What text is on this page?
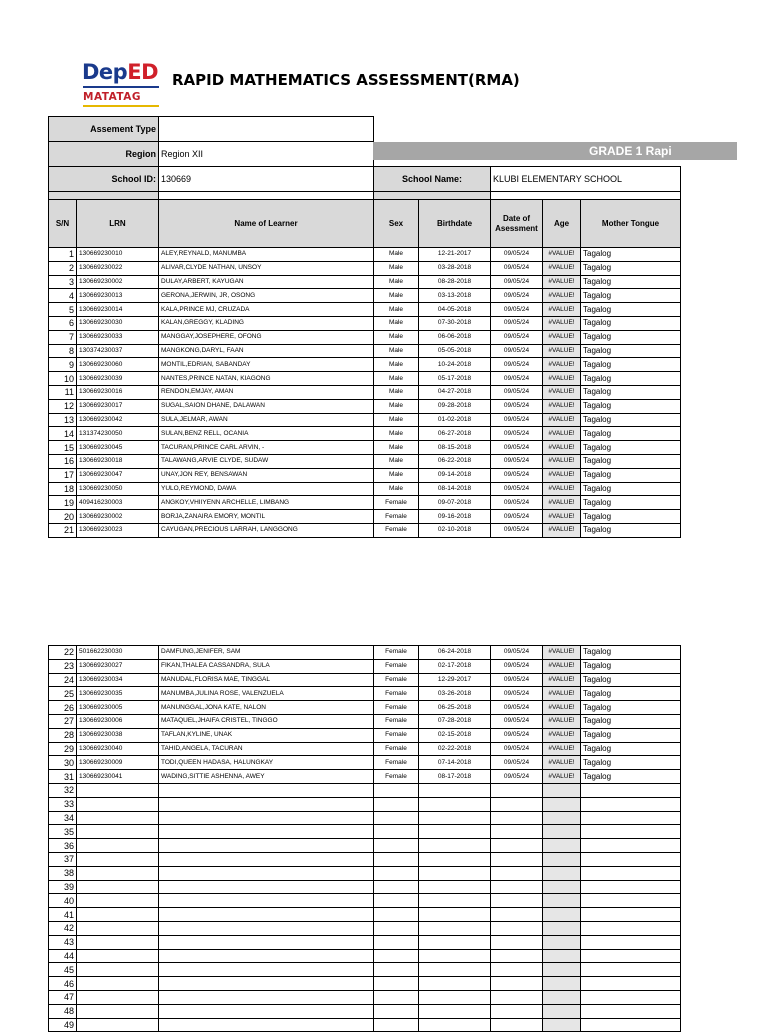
DepED
MATATAG
RAPID MATHEMATICS ASSESSMENT(RMA)
Assement Type			
Region	Region XII		
School ID:	130669	School Name:	KLUBI ELEMENTARY SCHOOL

GRADE 1 Rapi
S/N	LRN	Name of Learner	Sex	Birthdate	Date of Asessment	Age	Mother Tongue
1	130669230010	ALEY,REYNALD, MANUMBA	Male	12-21-2017	09/05/24	#VALUE!	Tagalog
2	130669230022	ALIVAR,CLYDE NATHAN, UNSOY	Male	03-28-2018	09/05/24	#VALUE!	Tagalog
3	130669230002	DULAY,ARBERT, KAYUGAN	Male	08-28-2018	09/05/24	#VALUE!	Tagalog
4	130669230013	GERONA,JERWIN, JR, OSONG	Male	03-13-2018	09/05/24	#VALUE!	Tagalog
5	130669230014	KALA,PRINCE MJ, CRUZADA	Male	04-05-2018	09/05/24	#VALUE!	Tagalog
6	130669230030	KALAN,GREGGY, KLADING	Male	07-30-2018	09/05/24	#VALUE!	Tagalog
7	130669230033	MANGGAY,JOSEPHERE, OFONG	Male	06-06-2018	09/05/24	#VALUE!	Tagalog
8	130374230037	MANGKONG,DARYL, FAAN	Male	05-05-2018	09/05/24	#VALUE!	Tagalog
9	130669230060	MONTIL,EDRIAN, SABANDAY	Male	10-24-2018	09/05/24	#VALUE!	Tagalog
10	130669230039	NANTES,PRINCE NATAN, KIAGONG	Male	05-17-2018	09/05/24	#VALUE!	Tagalog
11	130669230016	RENDON,EMJAY, AMAN	Male	04-27-2018	09/05/24	#VALUE!	Tagalog
12	130669230017	SUGAL,SAION DHANE, DALAWAN	Male	09-28-2018	09/05/24	#VALUE!	Tagalog
13	130669230042	SULA,JELMAR, AWAN	Male	01-02-2018	09/05/24	#VALUE!	Tagalog
14	131374230050	SULAN,BENZ RELL, OCANIA	Male	06-27-2018	09/05/24	#VALUE!	Tagalog
15	130669230045	TACURAN,PRINCE CARL ARVIN, -	Male	08-15-2018	09/05/24	#VALUE!	Tagalog
16	130669230018	TALAWANG,ARVIE CLYDE, SUDAW	Male	06-22-2018	09/05/24	#VALUE!	Tagalog
17	130669230047	UNAY,JON REY, BENSAWAN	Male	09-14-2018	09/05/24	#VALUE!	Tagalog
18	130669230050	YULO,REYMOND, DAWA	Male	08-14-2018	09/05/24	#VALUE!	Tagalog
19	409416230003	ANGKOY,VHIIYENN ARCHELLE, LIMBANG	Female	09-07-2018	09/05/24	#VALUE!	Tagalog
20	130669230002	BORJA,ZANAIRA EMORY, MONTIL	Female	09-16-2018	09/05/24	#VALUE!	Tagalog
21	130669230023	CAYUGAN,PRECIOUS LARRAH, LANGGONG	Female	02-10-2018	09/05/24	#VALUE!	Tagalog
22	501662230030	DAMFUNG,JENIFER, SAM	Female	06-24-2018	09/05/24	#VALUE!	Tagalog
23	130669230027	FIKAN,THALEA CASSANDRA, SULA	Female	02-17-2018	09/05/24	#VALUE!	Tagalog
24	130669230034	MANUDAL,FLORISA MAE, TINGGAL	Female	12-29-2017	09/05/24	#VALUE!	Tagalog
25	130669230035	MANUMBA,JULINA ROSE, VALENZUELA	Female	03-26-2018	09/05/24	#VALUE!	Tagalog
26	130669230005	MANUNGGAL,JONA KATE, NALON	Female	06-25-2018	09/05/24	#VALUE!	Tagalog
27	130669230006	MATAQUEL,JHAIFA CRISTEL, TINGGO	Female	07-28-2018	09/05/24	#VALUE!	Tagalog
28	130669230038	TAFLAN,KYLINE, UNAK	Female	02-15-2018	09/05/24	#VALUE!	Tagalog
29	130669230040	TAHID,ANGELA, TACURAN	Female	02-22-2018	09/05/24	#VALUE!	Tagalog
30	130669230009	TODI,QUEEN HADASA, HALUNGKAY	Female	07-14-2018	09/05/24	#VALUE!	Tagalog
31	130669230041	WADING,SITTIE ASHENNA, AWEY	Female	08-17-2018	09/05/24	#VALUE!	Tagalog
32							
33							
34							
35							
36							
37							
38							
39							
40							
41							
42							
43							
44							
45							
46							
47							
48							
49							
